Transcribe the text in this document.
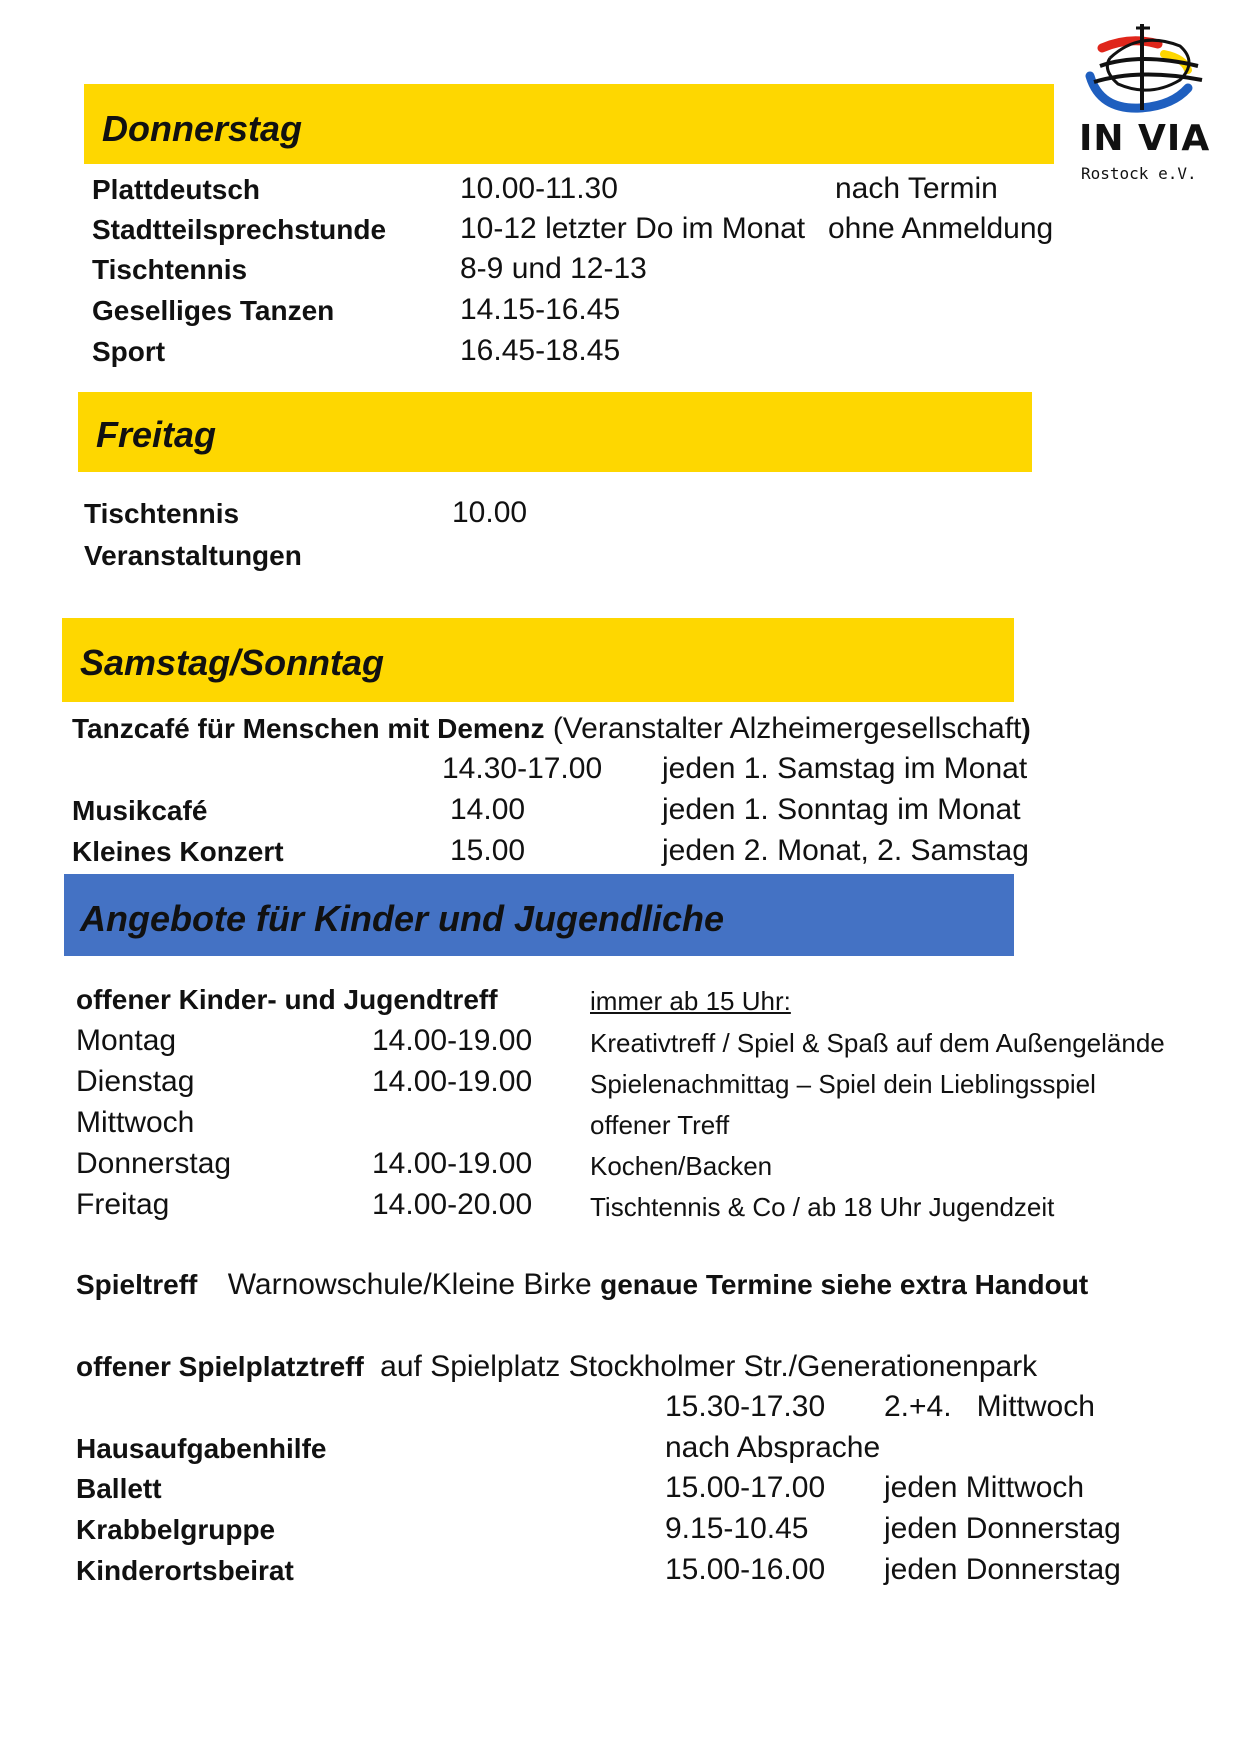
IN VIA
Rostock e.V.
Donnerstag
Plattdeutsch	10.00-11.30	nach Termin
Stadtteilsprechstunde 10-12 letzter Do im Monat ohne Anmeldung
Tischtennis	8-9 und 12-13
Geselliges Tanzen	14.15-16.45
Sport	16.45-18.45
Freitag
Tischtennis	10.00
Veranstaltungen
Samstag/Sonntag
Tanzcafé für Menschen mit Demenz (Veranstalter Alzheimergesellschaft)
14.30-17.00 jeden 1. Samstag im Monat
Musikcafé	14.00	jeden 1. Sonntag im Monat
Kleines Konzert	15.00	jeden 2. Monat, 2. Samstag
Angebote für Kinder und Jugendliche
offener Kinder- und Jugendtreff	immer ab 15 Uhr:
Montag	14.00-19.00 Kreativtreff / Spiel & Spaß auf dem Außengelände
Dienstag	14.00-19.00 Spielenachmittag – Spiel dein Lieblingsspiel
Mittwoch	offener Treff
Donnerstag	14.00-19.00 Kochen/Backen
Freitag	14.00-20.00 Tischtennis & Co / ab 18 Uhr Jugendzeit
Spieltreff Warnowschule/Kleine Birke genaue Termine siehe extra Handout
offener Spielplatztreff auf Spielplatz Stockholmer Str./Generationenpark
15.30-17.30 2.+4.   Mittwoch
Hausaufgabenhilfe	nach Absprache
Ballett	15.00-17.00 jeden Mittwoch
Krabbelgruppe	9.15-10.45	jeden Donnerstag
Kinderortsbeirat	15.00-16.00 jeden Donnerstag
